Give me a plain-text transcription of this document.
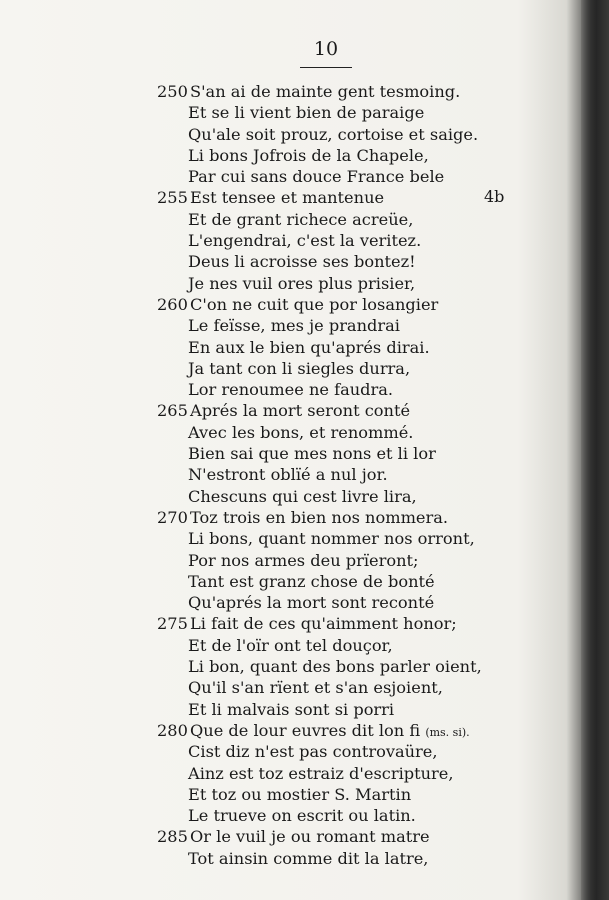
10
4b
250 S'an ai de mainte gent tesmoing.
Et se li vient bien de paraige
Qu'ale soit prouz, cortoise et saige.
Li bons Jofrois de la Chapele,
Par cui sans douce France bele
255 Est tensee et mantenue
Et de grant richece acreüe,
L'engendrai, c'est la veritez.
Deus li acroisse ses bontez!
Je nes vuil ores plus prisier,
260 C'on ne cuit que por losangier
Le feïsse, mes je prandrai
En aux le bien qu'aprés dirai.
Ja tant con li siegles durra,
Lor renoumee ne faudra.
265 Aprés la mort seront conté
Avec les bons, et renommé.
Bien sai que mes nons et li lor
N'estront oblïé a nul jor.
Chescuns qui cest livre lira,
270 Toz trois en bien nos nommera.
Li bons, quant nommer nos orront,
Por nos armes deu prïeront;
Tant est granz chose de bonté
Qu'aprés la mort sont reconté
275 Li fait de ces qu'aimment honor;
Et de l'oïr ont tel douçor,
Li bon, quant des bons parler oient,
Qu'il s'an rïent et s'an esjoient,
Et li malvais sont si porri
280 Que de lour euvres dit lon fi (ms. si).
Cist diz n'est pas controvaüre,
Ainz est toz estraiz d'escripture,
Et toz ou mostier S. Martin
Le trueve on escrit ou latin.
285 Or le vuil je ou romant matre
Tot ainsin comme dit la latre,
